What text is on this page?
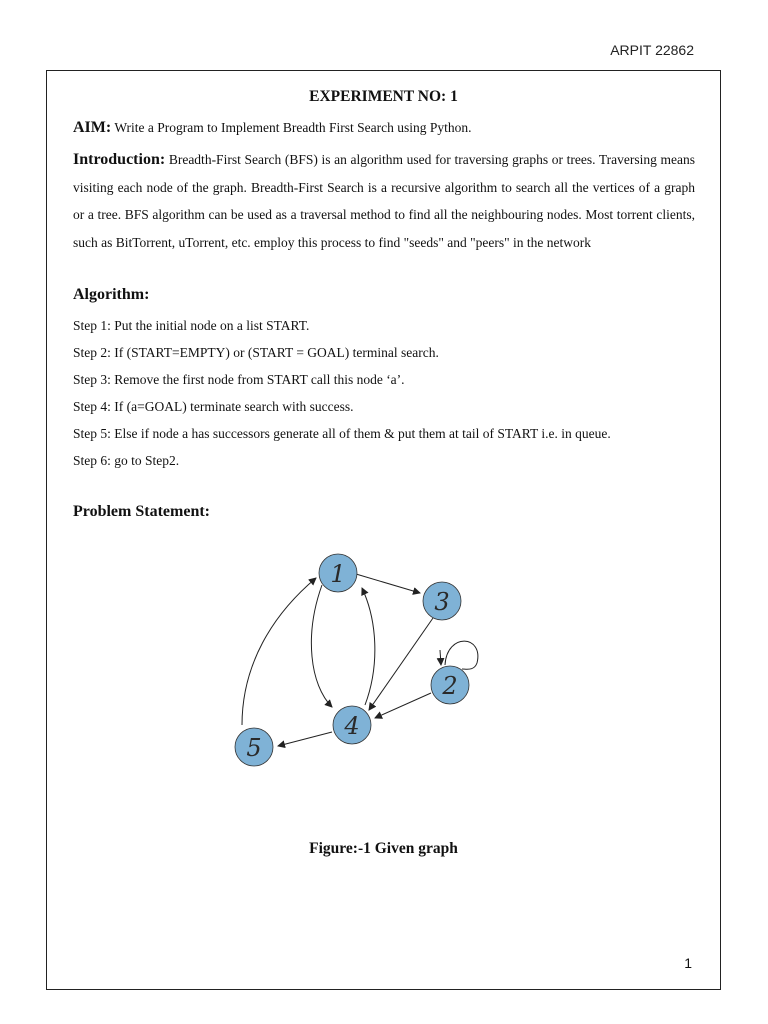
ARPIT 22862
EXPERIMENT NO: 1
AIM: Write a Program to Implement Breadth First Search using Python.
Introduction: Breadth-First Search (BFS) is an algorithm used for traversing graphs or trees. Traversing means visiting each node of the graph. Breadth-First Search is a recursive algorithm to search all the vertices of a graph or a tree. BFS algorithm can be used as a traversal method to find all the neighbouring nodes. Most torrent clients, such as BitTorrent, uTorrent, etc. employ this process to find "seeds" and "peers" in the network
Algorithm:
Step 1: Put the initial node on a list START.
Step 2: If (START=EMPTY) or (START = GOAL) terminal search.
Step 3: Remove the first node from START call this node ‘a’.
Step 4: If (a=GOAL) terminate search with success.
Step 5: Else if node a has successors generate all of them & put them at tail of START i.e. in queue.
Step 6: go to Step2.
Problem Statement:
1
3
2
4
5
Figure:-1 Given graph
1
